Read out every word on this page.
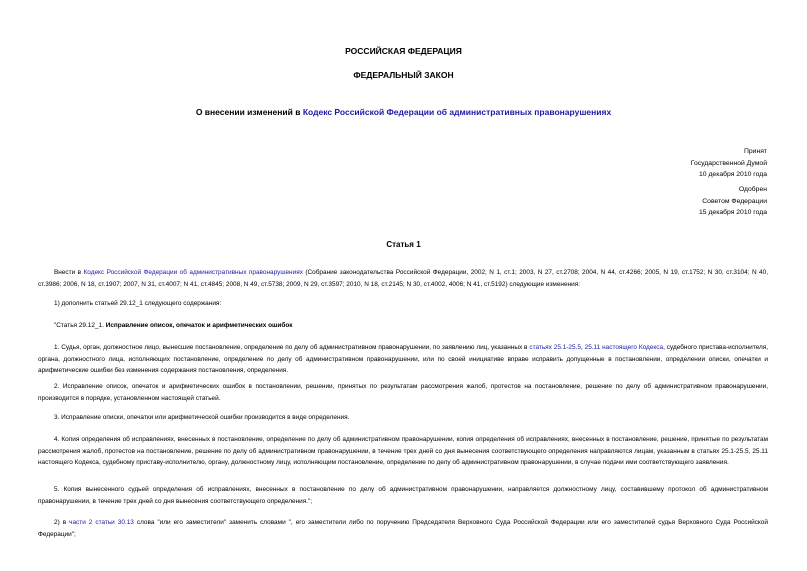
РОССИЙСКАЯ ФЕДЕРАЦИЯ
ФЕДЕРАЛЬНЫЙ ЗАКОН
О внесении изменений в Кодекс Российской Федерации об административных правонарушениях
Принят
Государственной Думой
10 декабря 2010 года
Одобрен
Советом Федерации
15 декабря 2010 года
Статья 1
Внести в Кодекс Российской Федерации об административных правонарушениях (Собрание законодательства Российской Федерации, 2002, N 1, ст.1; 2003, N 27, ст.2708; 2004, N 44, ст.4266; 2005, N 19, ст.1752; N 30, ст.3104; N 40, ст.3986; 2006, N 18, ст.1907; 2007, N 31, ст.4007; N 41, ст.4845; 2008, N 49, ст.5738; 2009, N 29, ст.3597; 2010, N 18, ст.2145; N 30, ст.4002, 4006; N 41, ст.5192) следующие изменения:
1) дополнить статьей 29.12_1 следующего содержания:
"Статья 29.12_1. Исправление описок, опечаток и арифметических ошибок
1. Судья, орган, должностное лицо, вынесшие постановление, определение по делу об административном правонарушении, по заявлению лиц, указанных в статьях 25.1-25.5, 25.11 настоящего Кодекса, судебного пристава-исполнителя, органа, должностного лица, исполняющих постановление, определение по делу об административном правонарушении, или по своей инициативе вправе исправить допущенные в постановлении, определении описки, опечатки и арифметические ошибки без изменения содержания постановления, определения.
2. Исправление описок, опечаток и арифметических ошибок в постановлении, решении, принятых по результатам рассмотрения жалоб, протестов на постановление, решение по делу об административном правонарушении, производится в порядке, установленном настоящей статьей.
3. Исправление описки, опечатки или арифметической ошибки производится в виде определения.
4. Копия определения об исправлениях, внесенных в постановление, определение по делу об административном правонарушении, копия определения об исправлениях, внесенных в постановление, решение, принятые по результатам рассмотрения жалоб, протестов на постановление, решение по делу об административном правонарушении, в течение трех дней со дня вынесения соответствующего определения направляются лицам, указанным в статьях 25.1-25.5, 25.11 настоящего Кодекса, судебному приставу-исполнителю, органу, должностному лицу, исполняющим постановление, определение по делу об административном правонарушении, в случае подачи ими соответствующего заявления.
5. Копия вынесенного судьей определения об исправлениях, внесенных в постановление по делу об административном правонарушении, направляется должностному лицу, составившему протокол об административном правонарушении, в течение трех дней со дня вынесения соответствующего определения.";
2) в части 2 статьи 30.13 слова "или его заместители" заменить словами ", его заместители либо по поручению Председателя Верховного Суда Российской Федерации или его заместителей судья Верховного Суда Российской Федерации";
